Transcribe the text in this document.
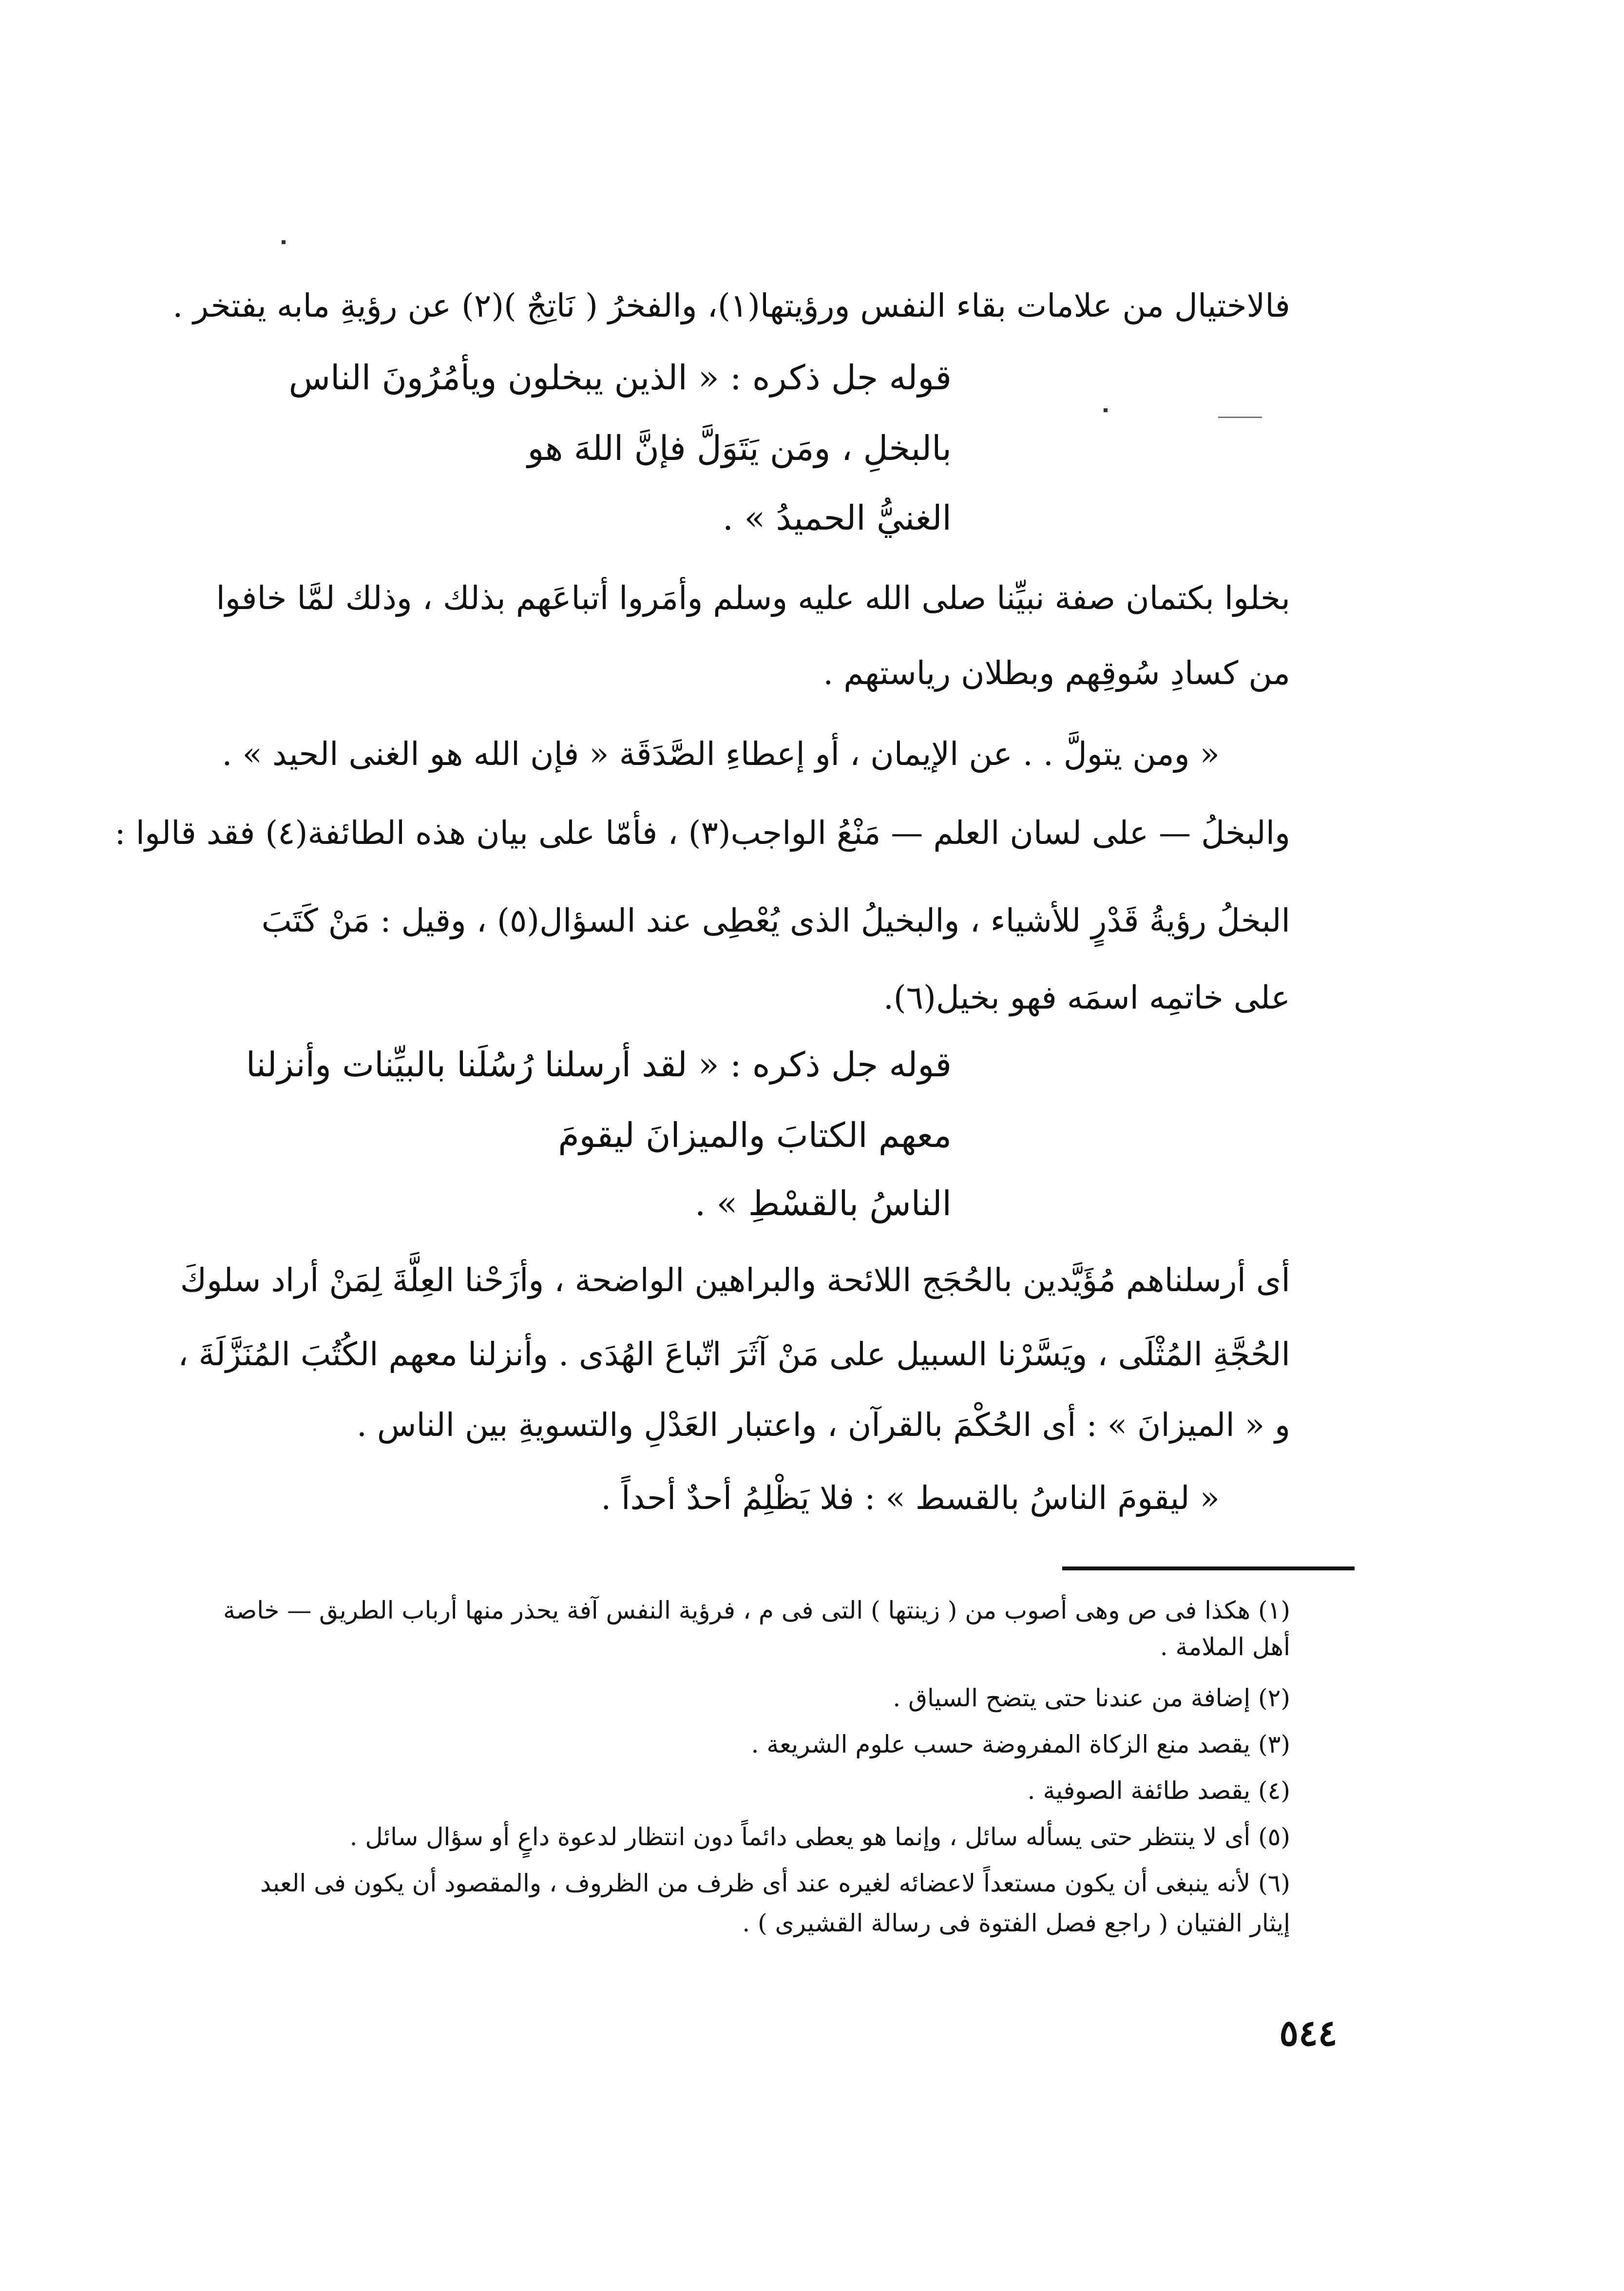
فالاختيال من علامات بقاء النفس ورؤيتها(١)، والفخرُ ( نَاتِجٌ )(٢) عن رؤيةِ مابه يفتخر .
قوله جل ذكره : « الذين يبخلون ويأمُرُونَ الناس
بالبخلِ ، ومَن يَتَوَلَّ فإنَّ اللهَ هو
الغنيُّ الحميدُ » .
بخلوا بكتمان صفة نبيِّنا صلى الله عليه وسلم وأمَروا أتباعَهم بذلك ، وذلك لمَّا خافوا
من كسادِ سُوقِهم وبطلان رياستهم .
« ومن يتولَّ . . عن الإيمان ، أو إعطاءِ الصَّدَقَة « فإن الله هو الغنى الحيد » .
والبخلُ — على لسان العلم — مَنْعُ الواجب(٣) ، فأمّا على بيان هذه الطائفة(٤) فقد قالوا :
البخلُ رؤيةُ قَدْرٍ للأشياء ، والبخيلُ الذى يُعْطِى عند السؤال(٥) ، وقيل : مَنْ كَتَبَ
على خاتمِه اسمَه فهو بخيل(٦).
قوله جل ذكره : « لقد أرسلنا رُسُلَنا بالبيِّنات وأنزلنا
معهم الكتابَ والميزانَ ليقومَ
الناسُ بالقسْطِ » .
أى أرسلناهم مُؤَيَّدين بالحُجَج اللائحة والبراهين الواضحة ، وأزَحْنا العِلَّةَ لِمَنْ أراد سلوكَ
الحُجَّةِ المُثْلَى ، ويَسَّرْنا السبيل على مَنْ آثَرَ اتّباعَ الهُدَى . وأنزلنا معهم الكُتُبَ المُنَزَّلَةَ ،
و « الميزانَ » : أى الحُكْمَ بالقرآن ، واعتبار العَدْلِ والتسويةِ بين الناس .
« ليقومَ الناسُ بالقسط » : فلا يَظْلِمُ أحدٌ أحداً .
(١) هكذا فى ص وهى أصوب من ( زينتها ) التى فى م ، فرؤية النفس آفة يحذر منها أرباب الطريق — خاصة
أهل الملامة .
(٢) إضافة من عندنا حتى يتضح السياق .
(٣) يقصد منع الزكاة المفروضة حسب علوم الشريعة .
(٤) يقصد طائفة الصوفية .
(٥) أى لا ينتظر حتى يسأله سائل ، وإنما هو يعطى دائماً دون انتظار لدعوة داعٍ أو سؤال سائل .
(٦) لأنه ينبغى أن يكون مستعداً لاعضائه لغيره عند أى ظرف من الظروف ، والمقصود أن يكون فى العبد
إيثار الفتيان ( راجع فصل الفتوة فى رسالة القشيرى ) .
٥٤٤
